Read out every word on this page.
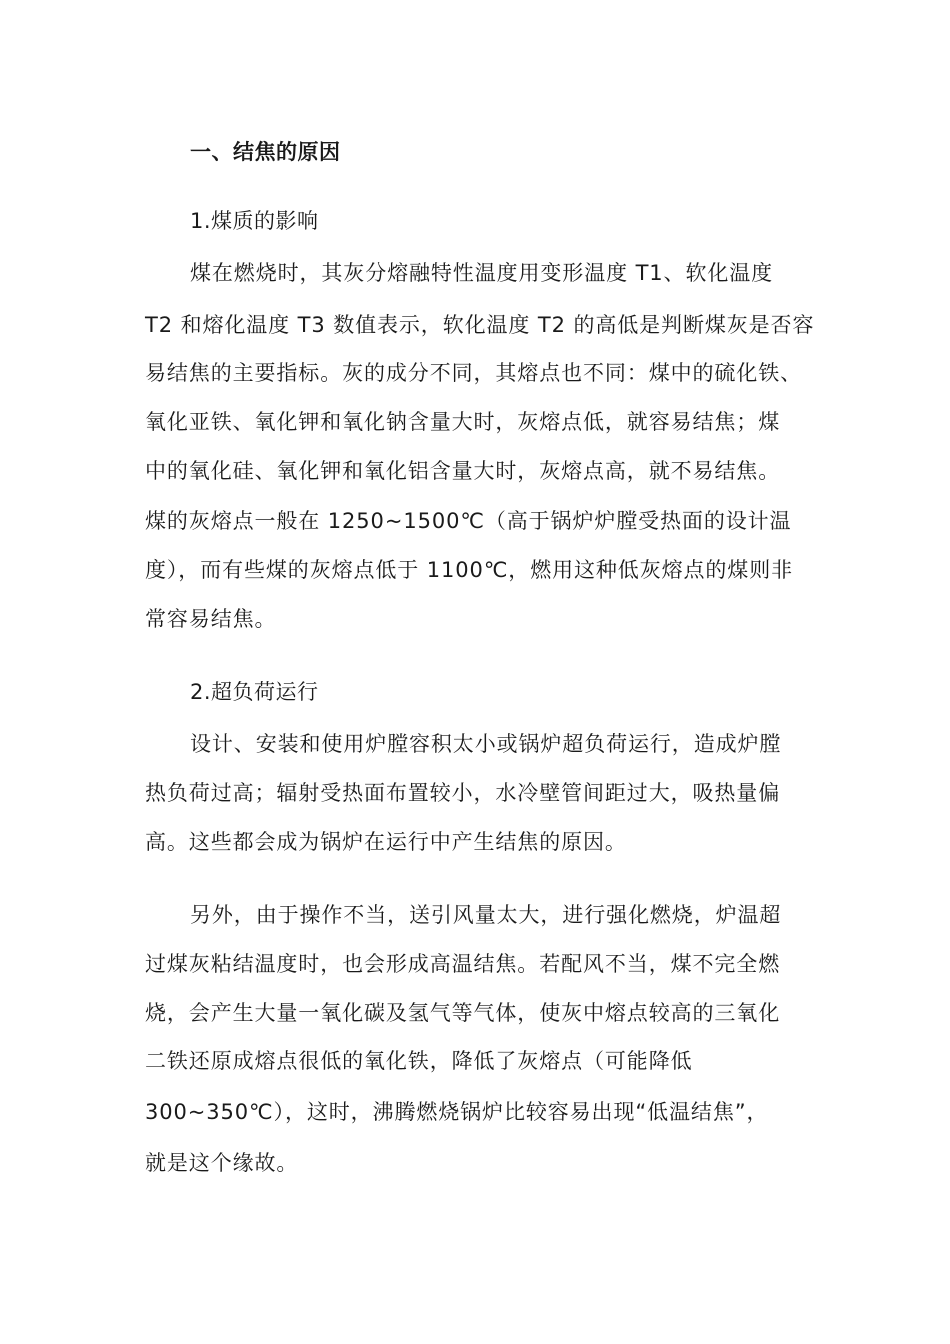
一、结焦的原因

1.煤质的影响

煤在燃烧时，其灰分熔融特性温度用变形温度 T1、软化温度

T2 和熔化温度 T3 数值表示，软化温度 T2 的高低是判断煤灰是否容

易结焦的主要指标。灰的成分不同，其熔点也不同：煤中的硫化铁、

氧化亚铁、氧化钾和氧化钠含量大时，灰熔点低，就容易结焦；煤

中的氧化硅、氧化钾和氧化铝含量大时，灰熔点高，就不易结焦。

煤的灰熔点一般在 1250~1500℃（高于锅炉炉膛受热面的设计温

度），而有些煤的灰熔点低于 1100℃，燃用这种低灰熔点的煤则非

常容易结焦。

2.超负荷运行

设计、安装和使用炉膛容积太小或锅炉超负荷运行，造成炉膛

热负荷过高；辐射受热面布置较小，水冷壁管间距过大，吸热量偏

高。这些都会成为锅炉在运行中产生结焦的原因。

另外，由于操作不当，送引风量太大，进行强化燃烧，炉温超

过煤灰粘结温度时，也会形成高温结焦。若配风不当，煤不完全燃

烧，会产生大量一氧化碳及氢气等气体，使灰中熔点较高的三氧化

二铁还原成熔点很低的氧化铁，降低了灰熔点（可能降低

300~350℃），这时，沸腾燃烧锅炉比较容易出现“低温结焦”，

就是这个缘故。
